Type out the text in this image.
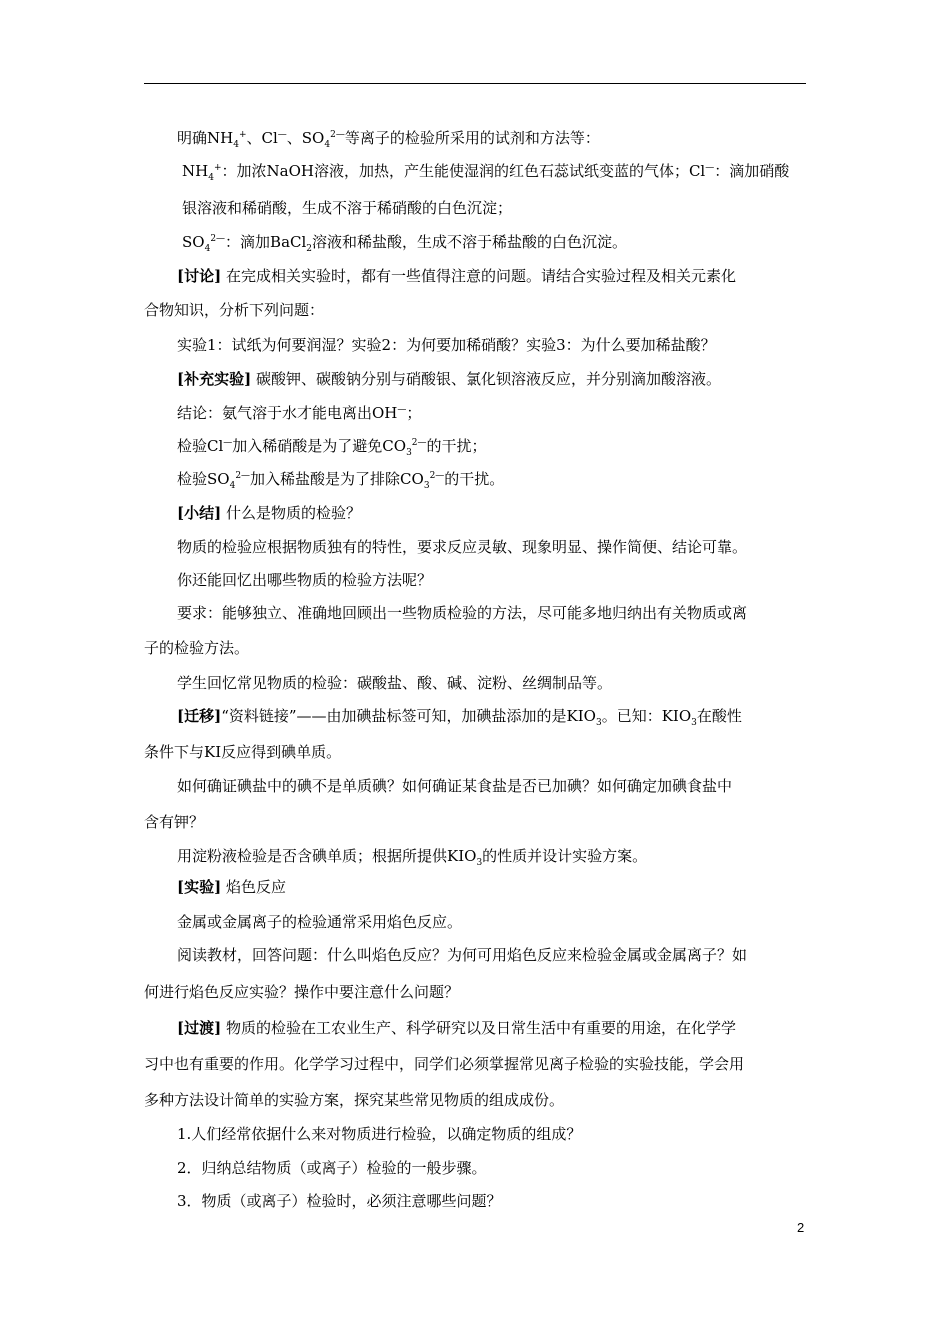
明确$NH_4^+$、Cl—、$SO_4^{2—}$等离子的检验所采用的试剂和方法等：
$NH_4^+$：加浓NaOH溶液，加热，产生能使湿润的红色石蕊试纸变蓝的气体；Cl—：滴加硝酸
银溶液和稀硝酸，生成不溶于稀硝酸的白色沉淀；
$SO_4^{2—}$：滴加BaCl$_2$溶液和稀盐酸，生成不溶于稀盐酸的白色沉淀。
[讨论] 在完成相关实验时，都有一些值得注意的问题。请结合实验过程及相关元素化
合物知识，分析下列问题：
实验1：试纸为何要润湿？实验2：为何要加稀硝酸？实验3：为什么要加稀盐酸？
[补充实验] 碳酸钾、碳酸钠分别与硝酸银、氯化钡溶液反应，并分别滴加酸溶液。
结论：氨气溶于水才能电离出OH—；
检验Cl—加入稀硝酸是为了避免$CO_3^{2—}$的干扰；
检验$SO_4^{2—}$加入稀盐酸是为了排除$CO_3^{2—}$的干扰。
[小结] 什么是物质的检验？
物质的检验应根据物质独有的特性，要求反应灵敏、现象明显、操作简便、结论可靠。
你还能回忆出哪些物质的检验方法呢？
要求：能够独立、准确地回顾出一些物质检验的方法，尽可能多地归纳出有关物质或离
子的检验方法。
学生回忆常见物质的检验：碳酸盐、酸、碱、淀粉、丝绸制品等。
[迁移]“资料链接”——由加碘盐标签可知，加碘盐添加的是$KIO_3$。已知：$KIO_3$在酸性
条件下与KI反应得到碘单质。
如何确证碘盐中的碘不是单质碘？如何确证某食盐是否已加碘？如何确定加碘食盐中
含有钾？
用淀粉液检验是否含碘单质；根据所提供$KIO_3$的性质并设计实验方案。
[实验] 焰色反应
金属或金属离子的检验通常采用焰色反应。
阅读教材，回答问题：什么叫焰色反应？为何可用焰色反应来检验金属或金属离子？如
何进行焰色反应实验？操作中要注意什么问题？
[过渡] 物质的检验在工农业生产、科学研究以及日常生活中有重要的用途，在化学学
习中也有重要的作用。化学学习过程中，同学们必须掌握常见离子检验的实验技能，学会用
多种方法设计简单的实验方案，探究某些常见物质的组成成份。
1.人们经常依据什么来对物质进行检验，以确定物质的组成？
2．归纳总结物质（或离子）检验的一般步骤。
3．物质（或离子）检验时，必须注意哪些问题？
2
